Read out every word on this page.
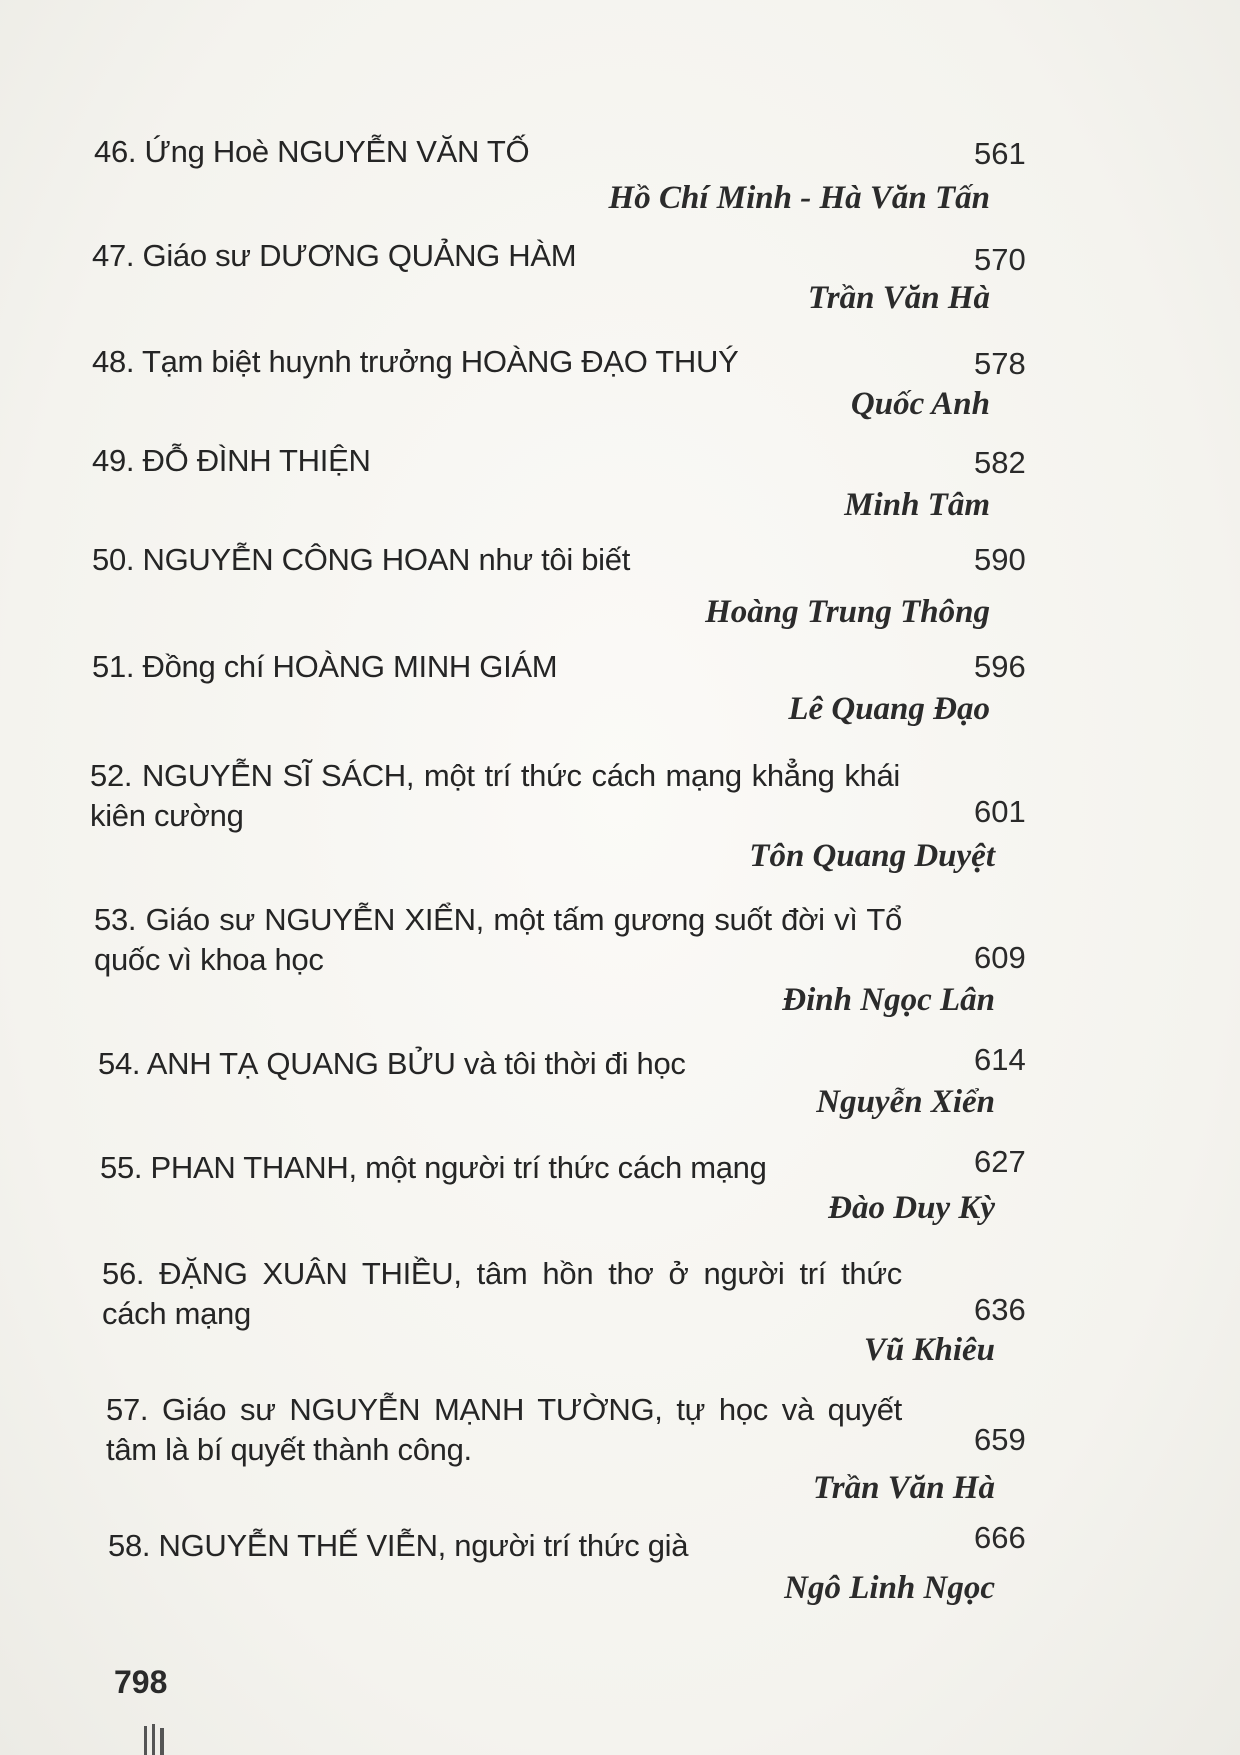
46. Ứng Hoè NGUYỄN VĂN TỐ	561
Hồ Chí Minh - Hà Văn Tấn
47. Giáo sư DƯƠNG QUẢNG HÀM	570
Trần Văn Hà
48. Tạm biệt huynh trưởng HOÀNG ĐẠO THUÝ	578
Quốc Anh
49. ĐỖ ĐÌNH THIỆN	582
Minh Tâm
50. NGUYỄN CÔNG HOAN như tôi biết	590
Hoàng Trung Thông
51. Đồng chí HOÀNG MINH GIÁM	596
Lê Quang Đạo
52. NGUYỄN SĨ SÁCH, một trí thức cách mạng khẳng khái kiên cường	601
Tôn Quang Duyệt
53. Giáo sư NGUYỄN XIỂN, một tấm gương suốt đời vì Tổ quốc vì khoa học	609
Đinh Ngọc Lân
54. ANH TẠ QUANG BỬU và tôi thời đi học	614
Nguyễn Xiển
55. PHAN THANH, một người trí thức cách mạng	627
Đào Duy Kỳ
56. ĐẶNG XUÂN THIỀU, tâm hồn thơ ở người trí thức cách mạng	636
Vũ Khiêu
57. Giáo sư NGUYỄN MẠNH TƯỜNG, tự học và quyết tâm là bí quyết thành công.	659
Trần Văn Hà
58. NGUYỄN THẾ VIỄN, người trí thức già	666
Ngô Linh Ngọc
798
